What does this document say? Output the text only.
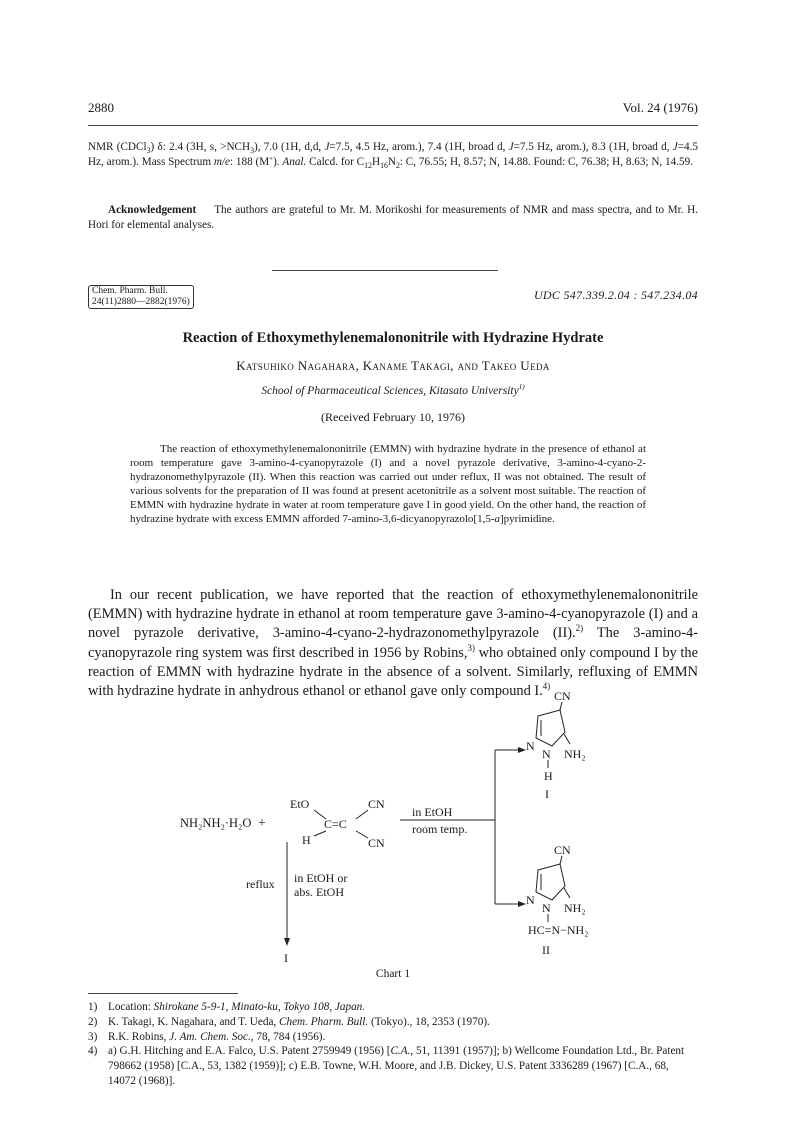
2880	Vol. 24 (1976)
NMR (CDCl$_3$) δ: 2.4 (3H, s, $>NCH_3$), 7.0 (1H, d,d, J=7.5, 4.5 Hz, arom.), 7.4 (1H, broad d, J=7.5 Hz, arom.), 8.3 (1H, broad d, J=4.5 Hz, arom.). Mass Spectrum m/e: 188 (M+). Anal. Calcd. for $C_{12}H_{16}N_2$: C, 76.55; H, 8.57; N, 14.88. Found: C, 76.38; H, 8.63; N, 14.59.
Acknowledgement The authors are grateful to Mr. M. Morikoshi for measurements of NMR and mass spectra, and to Mr. H. Hori for elemental analyses.
Chem. Pharm. Bull.
24(11)2880—2882(1976)	UDC 547.339.2.04 : 547.234.04
Reaction of Ethoxymethylenemalononitrile with Hydrazine Hydrate
Katsuhiko Nagahara, Kaname Takagi, and Takeo Ueda
School of Pharmaceutical Sciences, Kitasato University$^{1)}$
(Received February 10, 1976)
The reaction of ethoxymethylenemalononitrile (EMMN) with hydrazine hydrate in the presence of ethanol at room temperature gave 3-amino-4-cyanopyrazole (I) and a novel pyrazole derivative, 3-amino-4-cyano-2-hydrazonomethylpyrazole (II). When this reaction was carried out under reflux, II was not obtained. The result of various solvents for the preparation of II was found at present acetonitrile as a solvent most suitable. The reaction of EMMN with hydrazine hydrate in water at room temperature gave I in good yield. On the other hand, the reaction of hydrazine hydrate with excess EMMN afforded 7-amino-3,6-dicyanopyrazolo[1,5-a]pyrimidine.
In our recent publication, we have reported that the reaction of ethoxymethylenemalononitrile (EMMN) with hydrazine hydrate in ethanol at room temperature gave 3-amino-4-cyanopyrazole (I) and a novel pyrazole derivative, 3-amino-4-cyano-2-hydrazonomethylpyrazole (II).$^{2)}$ The 3-amino-4-cyanopyrazole ring system was first described in 1956 by Robins,$^{3)}$ who obtained only compound I by the reaction of EMMN with hydrazine hydrate in the absence of a solvent. Similarly, refluxing of EMMN with hydrazine hydrate in anhydrous ethanol or ethanol gave only compound I.$^{4)}$
NH₂NH₂·H₂O +
EtO
C=C
H
CN
CN
in EtOH
room temp.
CN
N
N NH₂
H
I
CN
N
N NH₂
HC=N−NH₂
II
reflux in EtOH or
abs. EtOH
I
Chart 1
1) Location: Shirokane 5-9-1, Minato-ku, Tokyo 108, Japan.
2) K. Takagi, K. Nagahara, and T. Ueda, Chem. Pharm. Bull. (Tokyo)., 18, 2353 (1970).
3) R.K. Robins, J. Am. Chem. Soc., 78, 784 (1956).
4) a) G.H. Hitching and E.A. Falco, U.S. Patent 2759949 (1956) [C.A., 51, 11391 (1957)]; b) Wellcome Foundation Ltd., Br. Patent 798662 (1958) [C.A., 53, 1382 (1959)]; c) E.B. Towne, W.H. Moore, and J.B. Dickey, U.S. Patent 3336289 (1967) [C.A., 68, 14072 (1968)].
